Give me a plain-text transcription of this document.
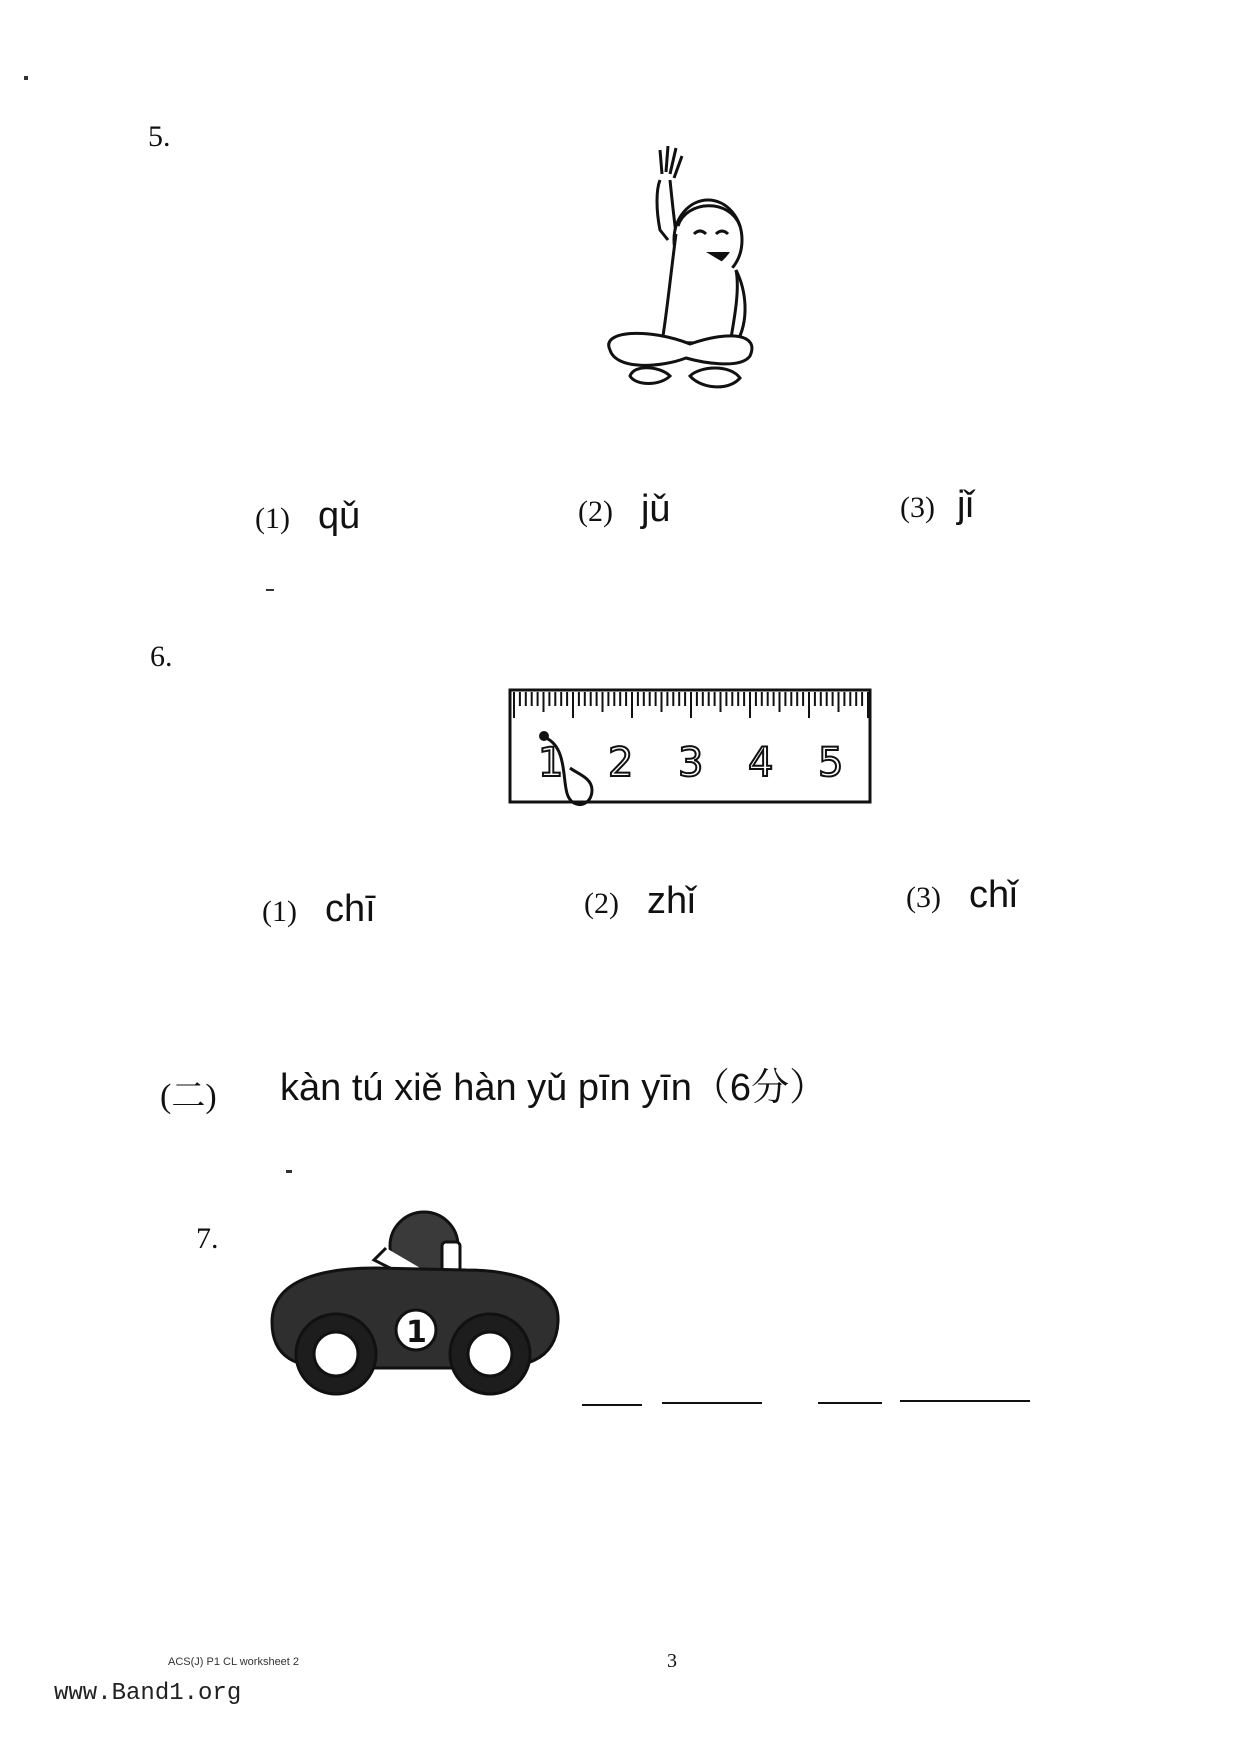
5.
(1) qǔ	(2) jǔ	(3) jǐ
6.
1 2 3 4 5
(1) chī	(2) zhǐ	(3) chǐ
(二) kàn tú xiě hàn yǔ pīn yīn（6分）
7.
1
ACS(J) P1 CL worksheet 2	3
www.Band1.org
